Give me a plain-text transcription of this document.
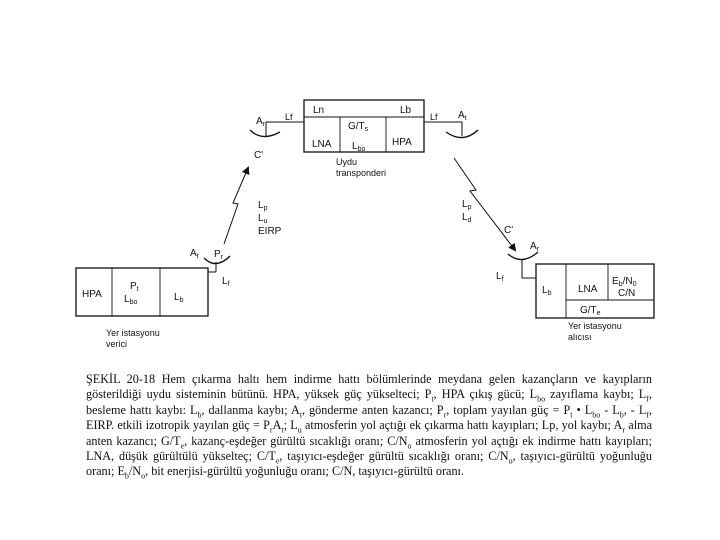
Ln	Lb
$G/T_s$
LNA $L_{bo}$
HPA
Uydu
transponderi
$A_r$
Lf
C'
Lf $A_t$
$L_p$
$L_u$
EIRP
$L_p$
$L_d$
C'
HPA
$P_t$
$L_{bo}$	$L_b$
$A_t$ $P_r$
$L_f$
Yer istasyonu
verici
$A_r$
$L_f$
$L_b$	LNA
$E_b/N_0$
C/N
$G/T_e$
Yer istasyonu
alıcısı
ŞEKİL 20-18 Hem çıkarma haltı hem indirme hattı bölümlerinde meydana gelen kazançların ve kayıpların gösterildiği uydu sisteminin bütünü. HPA, yüksek güç yükselteci; $P_t$, HPA çıkış gücü; $L_{bo}$ zayıflama kaybı; $L_f$, besleme hattı kaybı: $L_b$, dallanma kaybı; $A_t$, gönderme anten kazancı; $P_r$, toplam yayılan güç = $P_t$ • $L_{bo} - L_b$, - $L_f$, EIRP. etkili izotropik yayılan güç = $P_rA_t$; $L_u$ atmosferin yol açtığı ek çıkarma hattı kayıpları; Lp, yol kaybı; $A_r$ alma anten kazancı; $G/T_e$, kazanç-eşdeğer gürültü sıcaklığı oranı; $C/N_o$ atmosferin yol açtığı ek indirme hattı kayıpları; LNA, düşük gürültülü yükselteç; $C/T_e$, taşıyıcı-eşdeğer gürültü sıcaklığı oranı; $C/N_o$, taşıyıcı-gürültü yoğunluğu oranı; $E_b/N_o$, bit enerjisi-gürültü yoğunluğu oranı; C/N, taşıyıcı-gürültü oranı.
